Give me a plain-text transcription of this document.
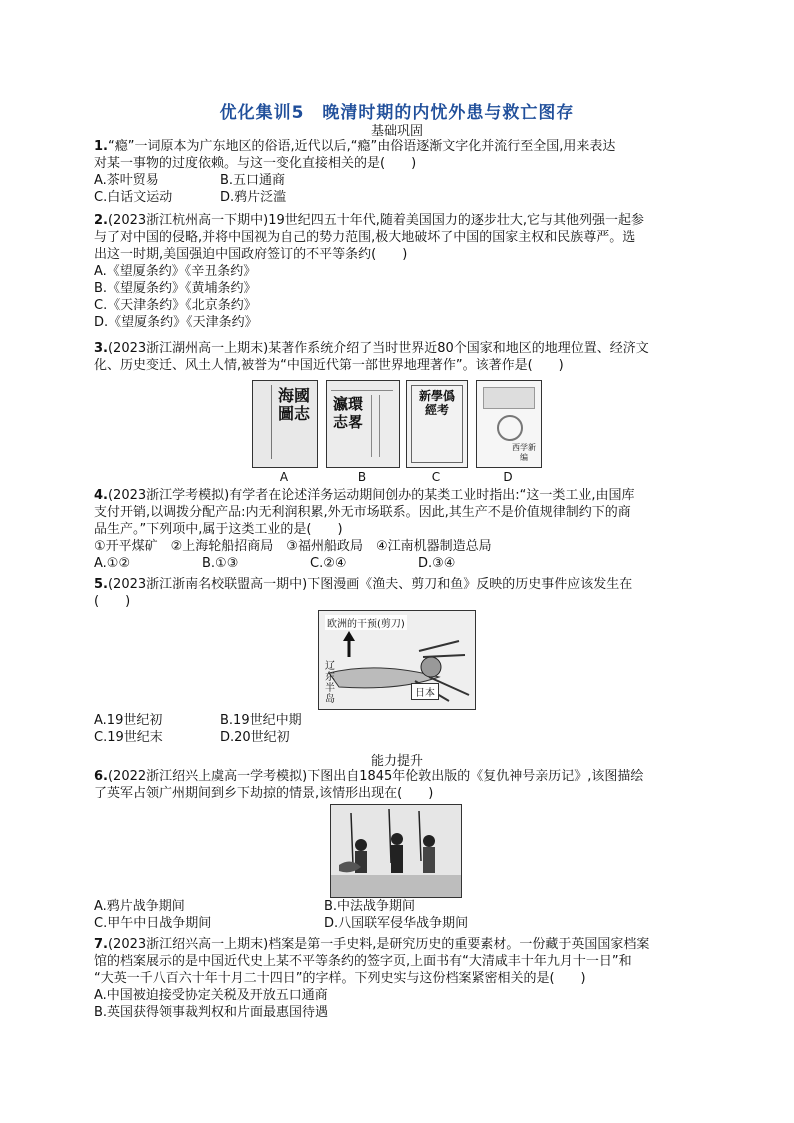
优化集训5　晚清时期的内忧外患与救亡图存
基础巩固

1.“瘾”一词原本为广东地区的俗语,近代以后,“瘾”由俗语逐渐文字化并流行至全国,用来表达

对某一事物的过度依赖。与这一变化直接相关的是(　　)

A.茶叶贸易	B.五口通商

C.白话文运动	D.鸦片泛滥

2.(2023浙江杭州高一下期中)19世纪四五十年代,随着美国国力的逐步壮大,它与其他列强一起参

与了对中国的侵略,并将中国视为自己的势力范围,极大地破坏了中国的国家主权和民族尊严。选

出这一时期,美国强迫中国政府签订的不平等条约(　　)

A.《望厦条约》《辛丑条约》

B.《望厦条约》《黄埔条约》

C.《天津条约》《北京条约》

D.《望厦条约》《天津条约》

3.(2023浙江湖州高一上期末)某著作系统介绍了当时世界近80个国家和地区的地理位置、经济文

化、历史变迁、风土人情,被誉为“中国近代第一部世界地理著作”。该著作是(　　)

海國圖志 瀛環志畧
新學僞經考
西学新编
A	B	C	D

4.(2023浙江学考模拟)有学者在论述洋务运动期间创办的某类工业时指出:“这一类工业,由国库

支付开销,以调拨分配产品:内无利润积累,外无市场联系。因此,其生产不是价值规律制约下的商

品生产。”下列项中,属于这类工业的是(　　)

①开平煤矿　②上海轮船招商局　③福州船政局　④江南机器制造总局

A.①②	B.①③	C.②④	D.③④

5.(2023浙江浙南名校联盟高一期中)下图漫画《渔夫、剪刀和鱼》反映的历史事件应该发生在

(　　)

欧洲的干预(剪刀)
辽东半岛
日本

A.19世纪初	B.19世纪中期

C.19世纪末	D.20世纪初

能力提升

6.(2022浙江绍兴上虞高一学考模拟)下图出自1845年伦敦出版的《复仇神号亲历记》,该图描绘

了英军占领广州期间到乡下劫掠的情景,该情形出现在(　　)

A.鸦片战争期间	B.中法战争期间

C.甲午中日战争期间	D.八国联军侵华战争期间

7.(2023浙江绍兴高一上期末)档案是第一手史料,是研究历史的重要素材。一份藏于英国国家档案

馆的档案展示的是中国近代史上某不平等条约的签字页,上面书有“大清咸丰十年九月十一日”和

“大英一千八百六十年十月二十四日”的字样。下列史实与这份档案紧密相关的是(　　)

A.中国被迫接受协定关税及开放五口通商

B.英国获得领事裁判权和片面最惠国待遇
